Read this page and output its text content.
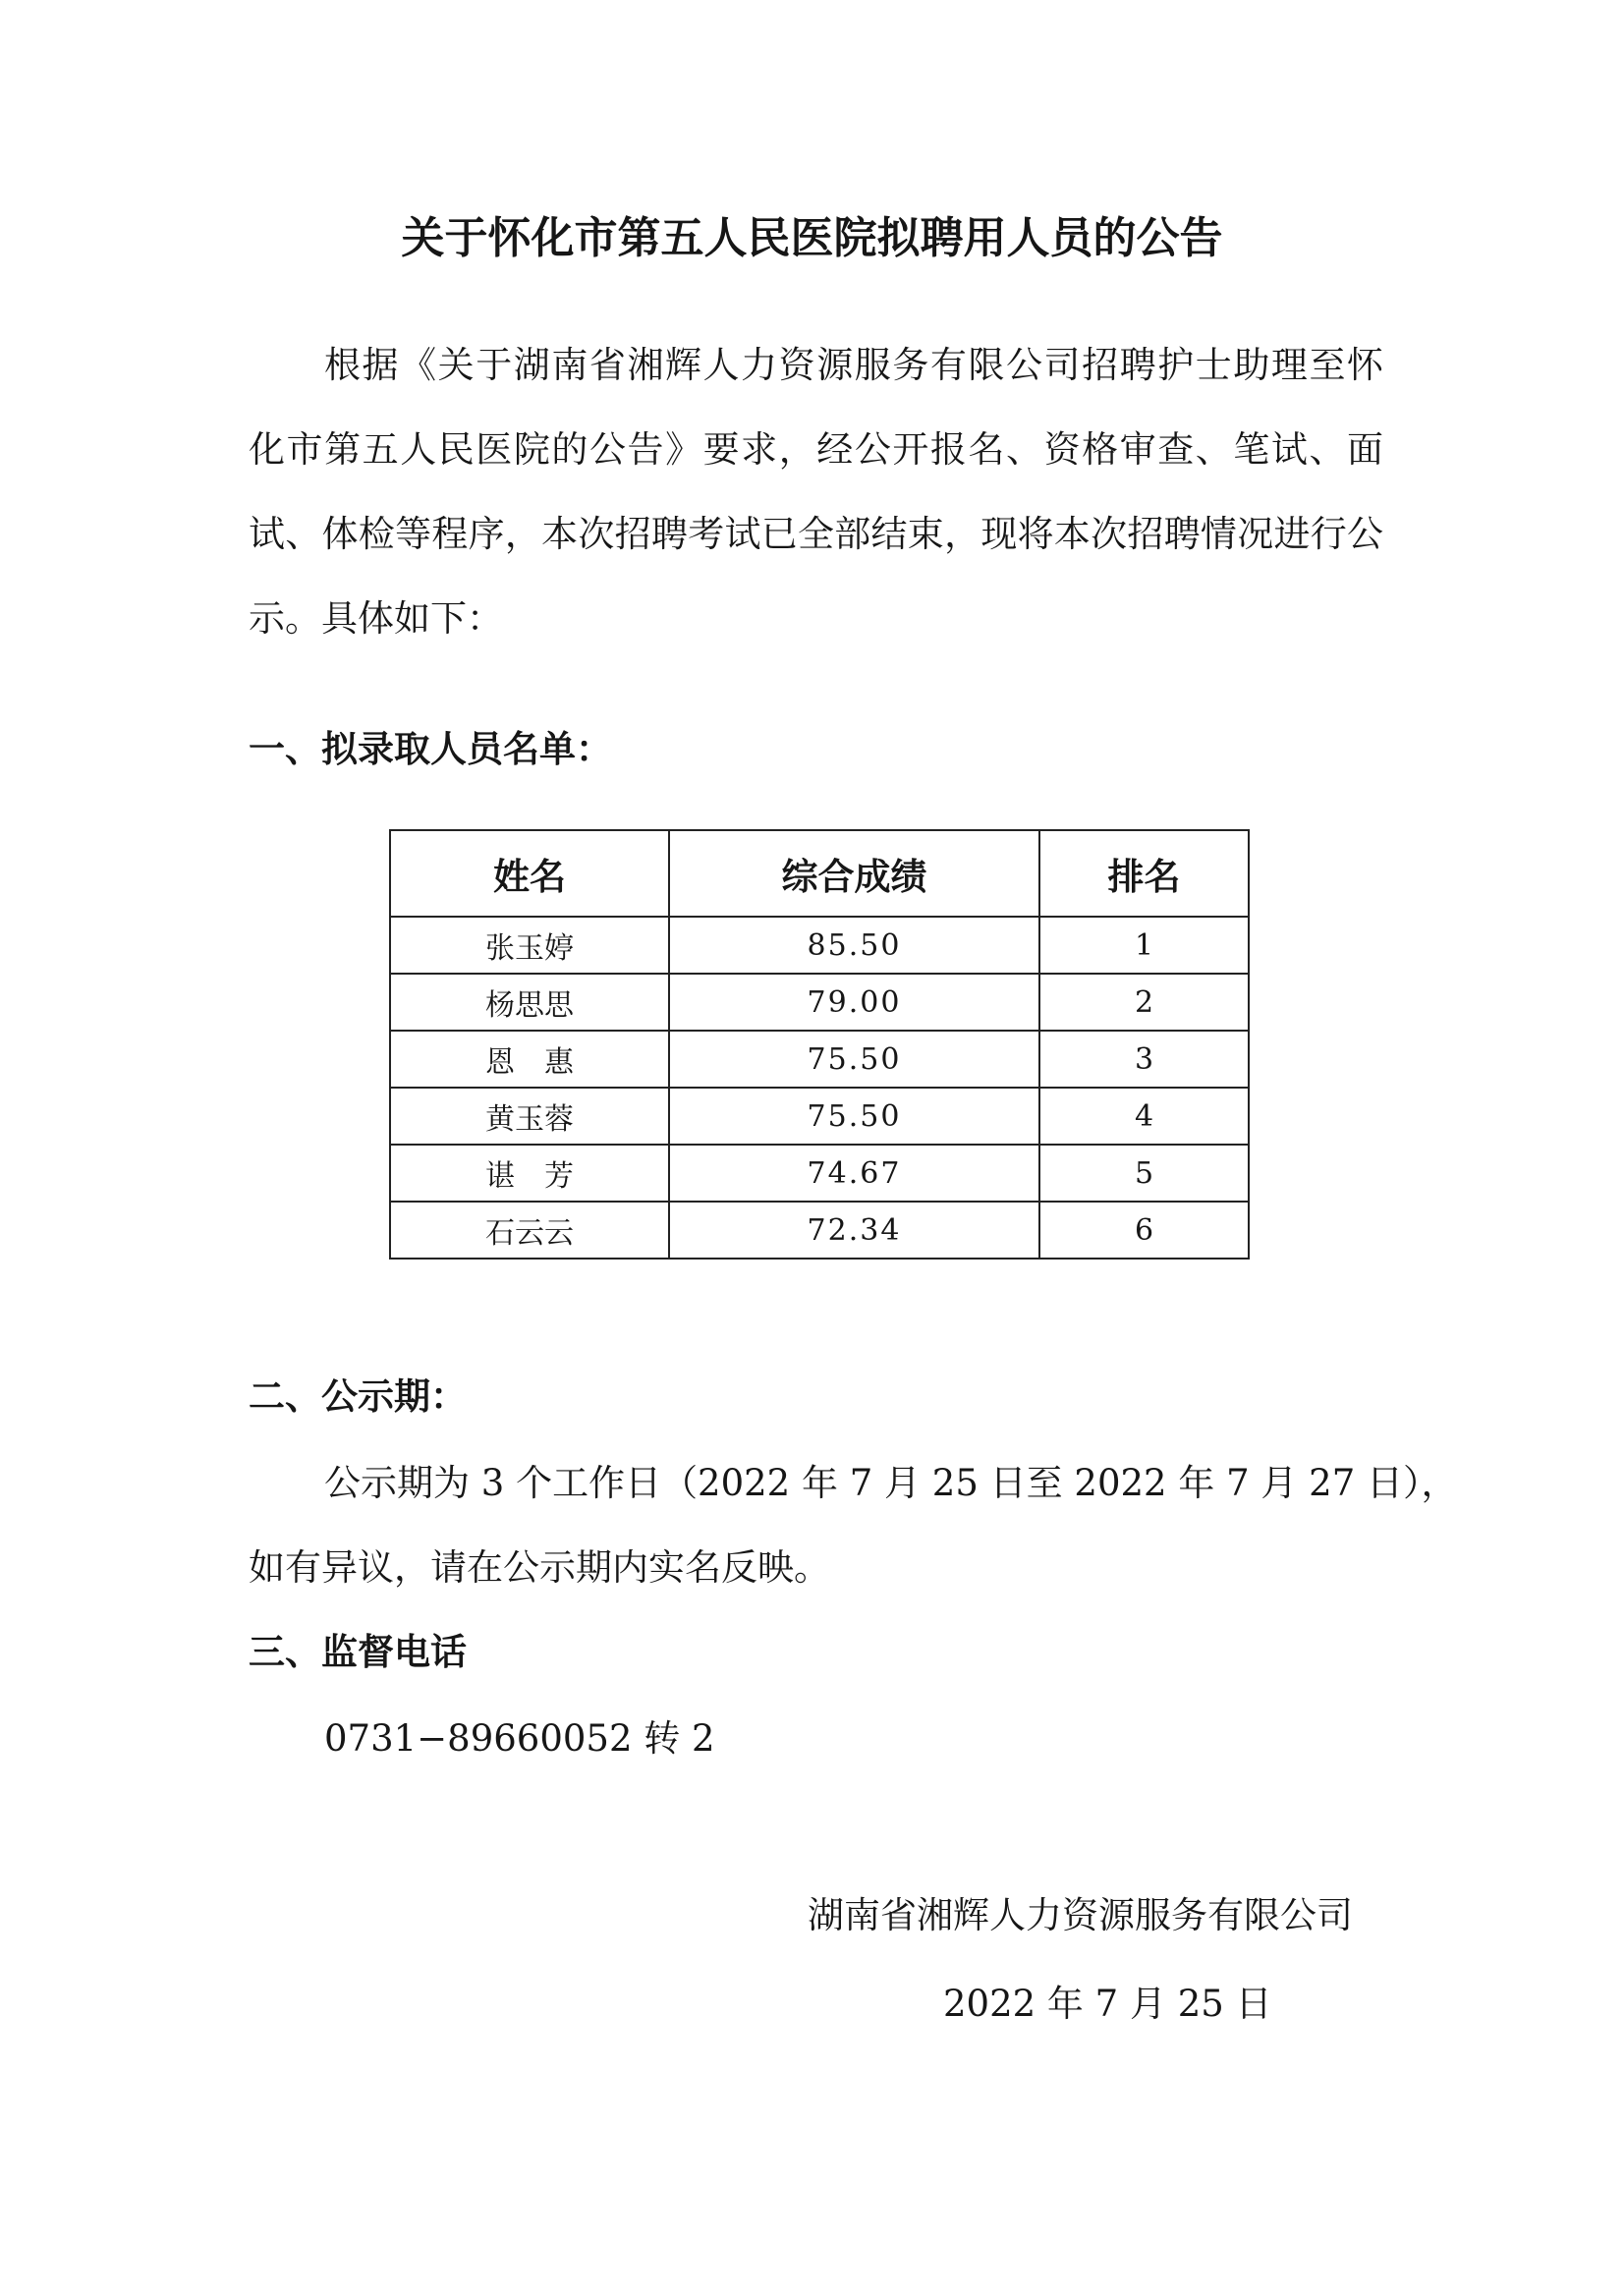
关于怀化市第五人民医院拟聘用人员的公告
根据《关于湖南省湘辉人力资源服务有限公司招聘护士助理至怀
化市第五人民医院的公告》要求，经公开报名、资格审查、笔试、面
试、体检等程序，本次招聘考试已全部结束，现将本次招聘情况进行公
示。具体如下：
一、拟录取人员名单：
姓名	综合成绩	排名
张玉婷	85.50	1
杨思思	79.00	2
恩　惠	75.50	3
黄玉蓉	75.50	4
谌　芳	74.67	5
石云云	72.34	6
二、公示期：
公示期为 3 个工作日（2022 年 7 月 25 日至 2022 年 7 月 27 日），
如有异议，请在公示期内实名反映。
三、监督电话
0731−89660052 转 2
湖南省湘辉人力资源服务有限公司
2022 年 7 月 25 日
